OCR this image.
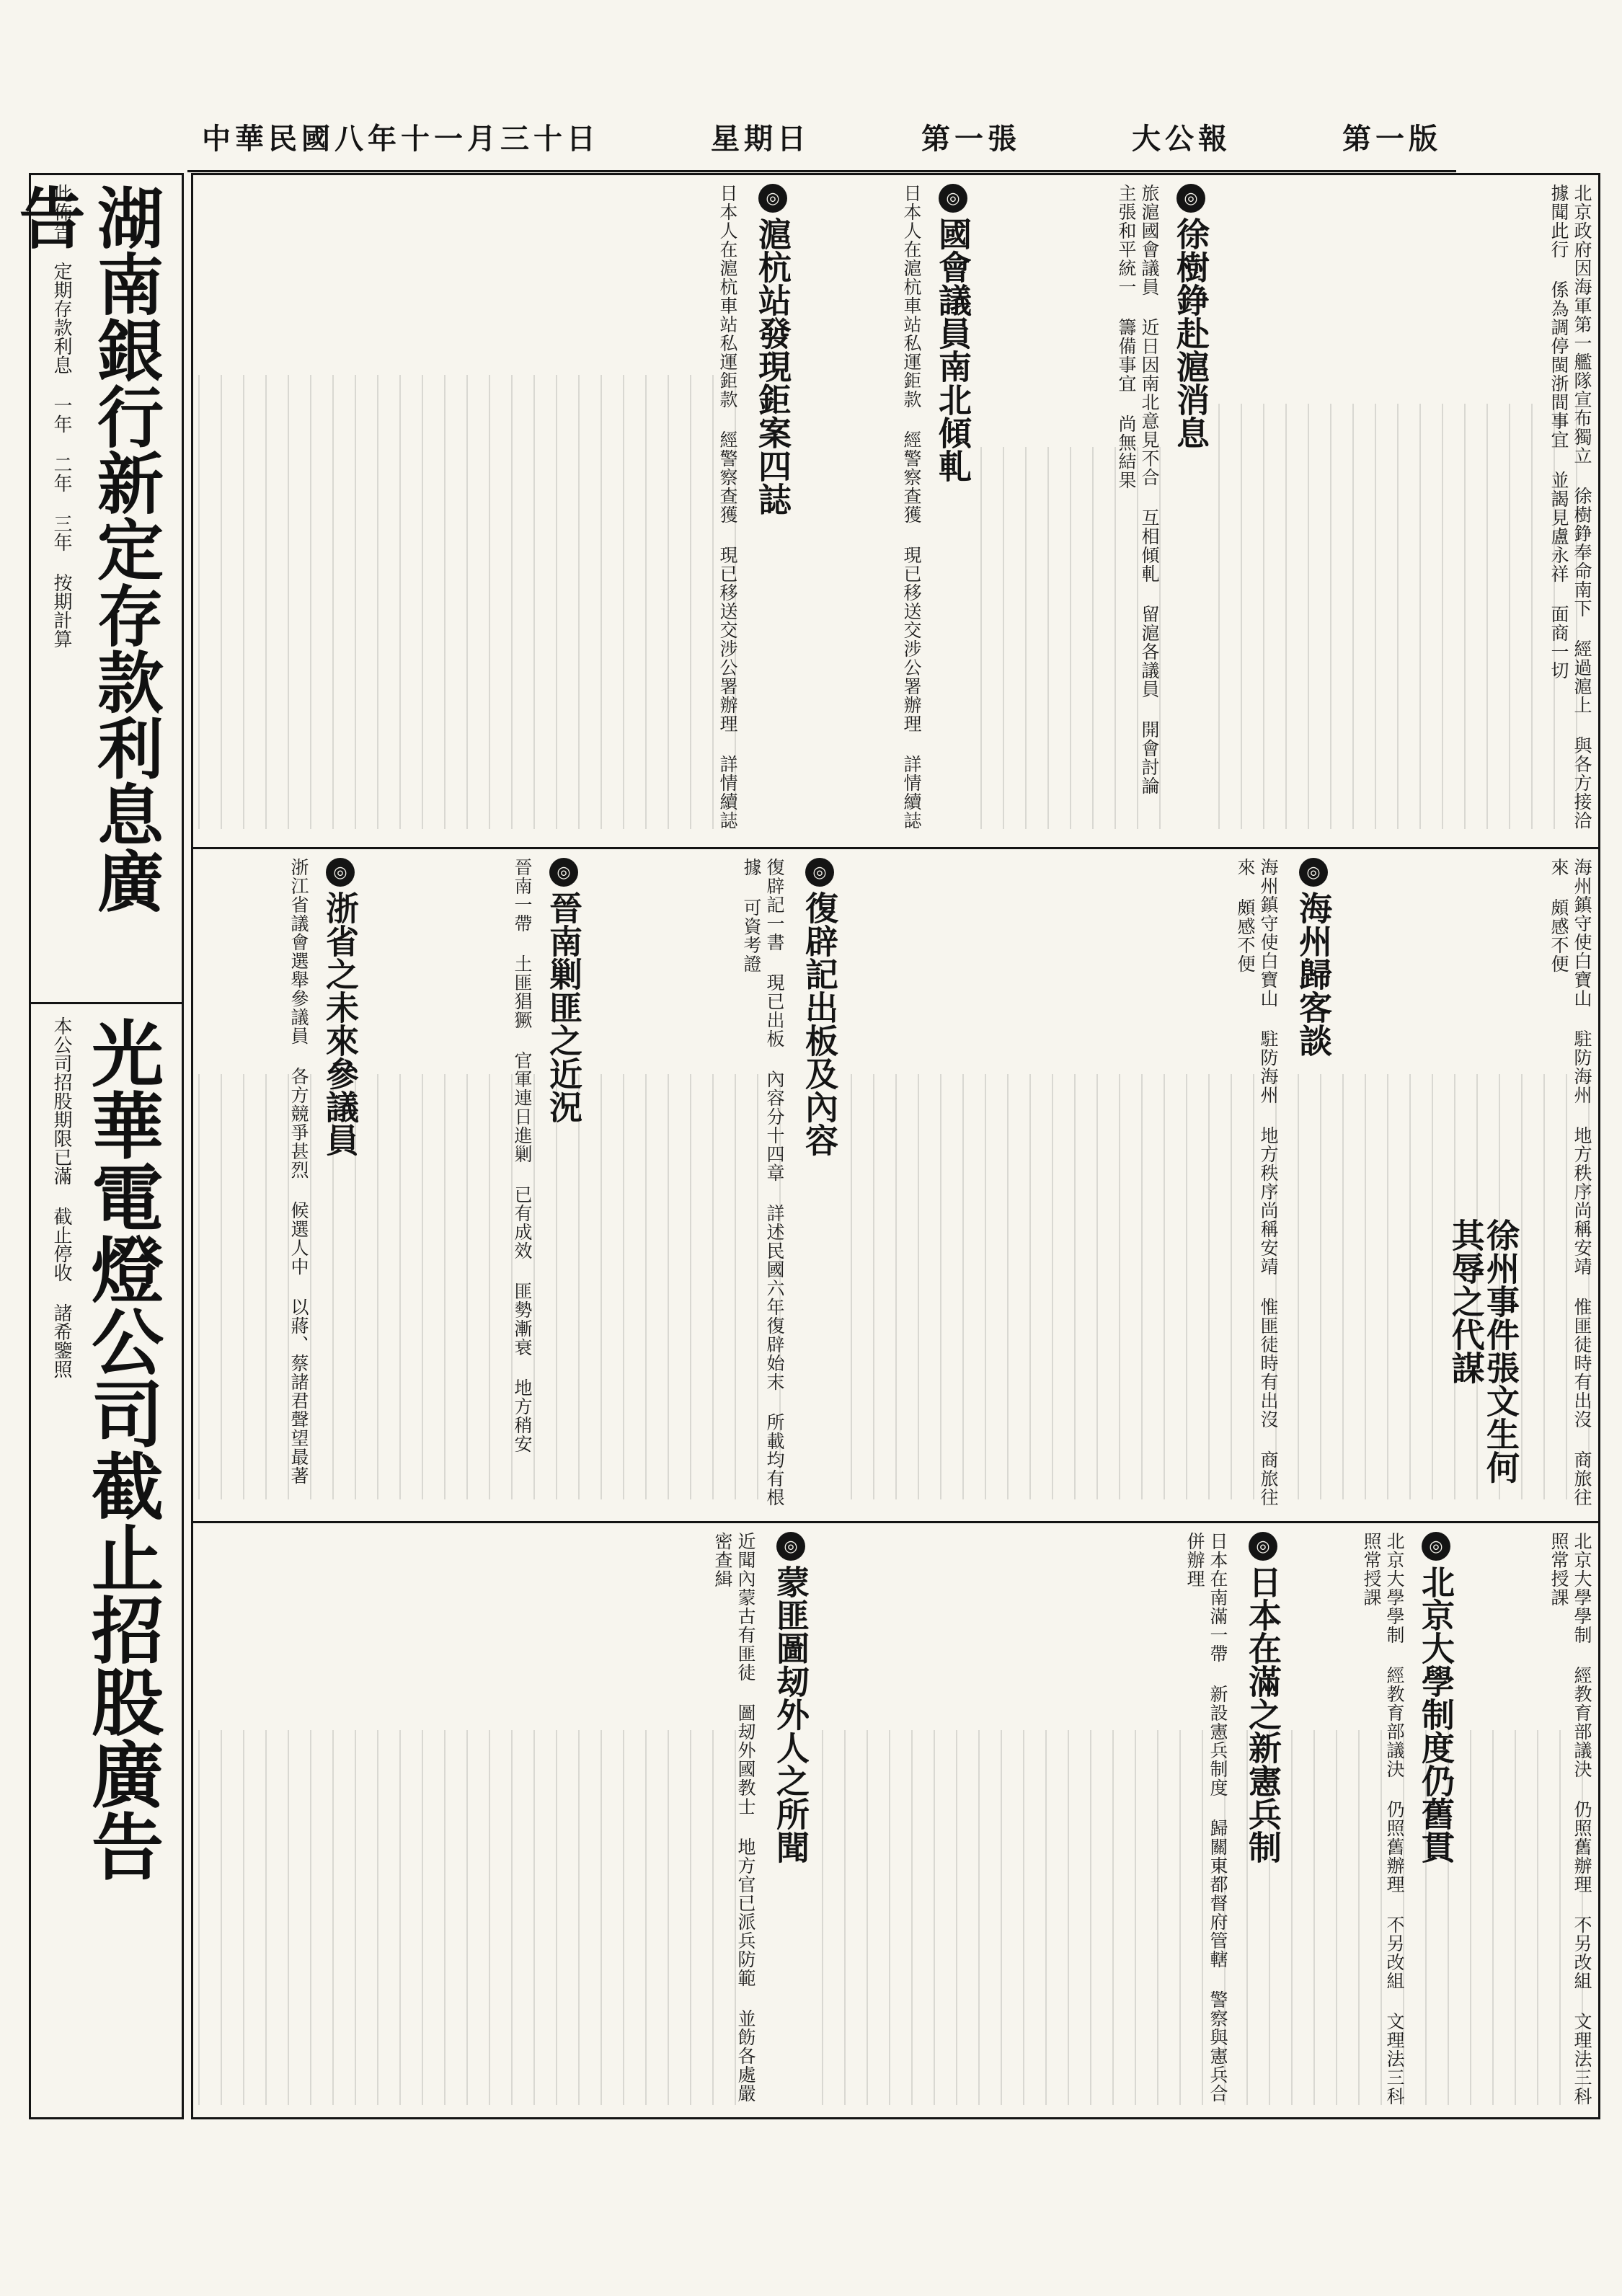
中華民國八年十一月三十日	星期日	第一張	大公報	第一版
湖南銀行新定存款利息廣告
此佈告 定期存款利息 一年 二年 三年 按期計算
光華電燈公司截止招股廣告
本公司招股期限已滿 截止停收 諸希鑒照
◎徐樹錚赴滬消息	北京政府因海軍第一艦隊宣布獨立 徐樹錚奉命南下 經過滬上 與各方接洽 據聞此行 係為調停閩浙間事宜 並謁見盧永祥 面商一切
◎國會議員南北傾軋	旅滬國會議員 近日因南北意見不合 互相傾軋 留滬各議員 開會討論 主張和平統一 籌備事宜 尚無結果
◎滬杭站發現鉅案四誌	日本人在滬杭車站私運鉅款 經警察查獲 現已移送交涉公署辦理 詳情續誌
日本人在滬杭車站私運鉅款 經警察查獲 現已移送交涉公署辦理 詳情續誌
◎海州歸客談	海州鎮守使白寶山 駐防海州 地方秩序尚稱安靖 惟匪徒時有出沒 商旅往來 頗感不便
海州鎮守使白寶山 駐防海州 地方秩序尚稱安靖 惟匪徒時有出沒 商旅往來 頗感不便
◎復辟記出板及內容
復辟記一書 現已出板 內容分十四章 詳述民國六年復辟始末 所載均有根據 可資考證
◎晉南剿匪之近況
晉南一帶 土匪猖獗 官軍連日進剿 已有成效 匪勢漸衰 地方稍安
◎浙省之未來參議員
浙江省議會選舉參議員 各方競爭甚烈 候選人中 以蔣、蔡諸君聲望最著	徐州事件張文生何其辱之代謀
◎北京大學制度仍舊貫	北京大學學制 經教育部議決 仍照舊辦理 不另改組 文理法三科照常授課
北京大學學制 經教育部議決 仍照舊辦理 不另改組 文理法三科照常授課
◎日本在滿之新憲兵制
日本在南滿一帶 新設憲兵制度 歸關東都督府管轄 警察與憲兵合併辦理
◎蒙匪圖刼外人之所聞
近聞內蒙古有匪徒 圖刼外國教士 地方官已派兵防範 並飭各處嚴密查緝
